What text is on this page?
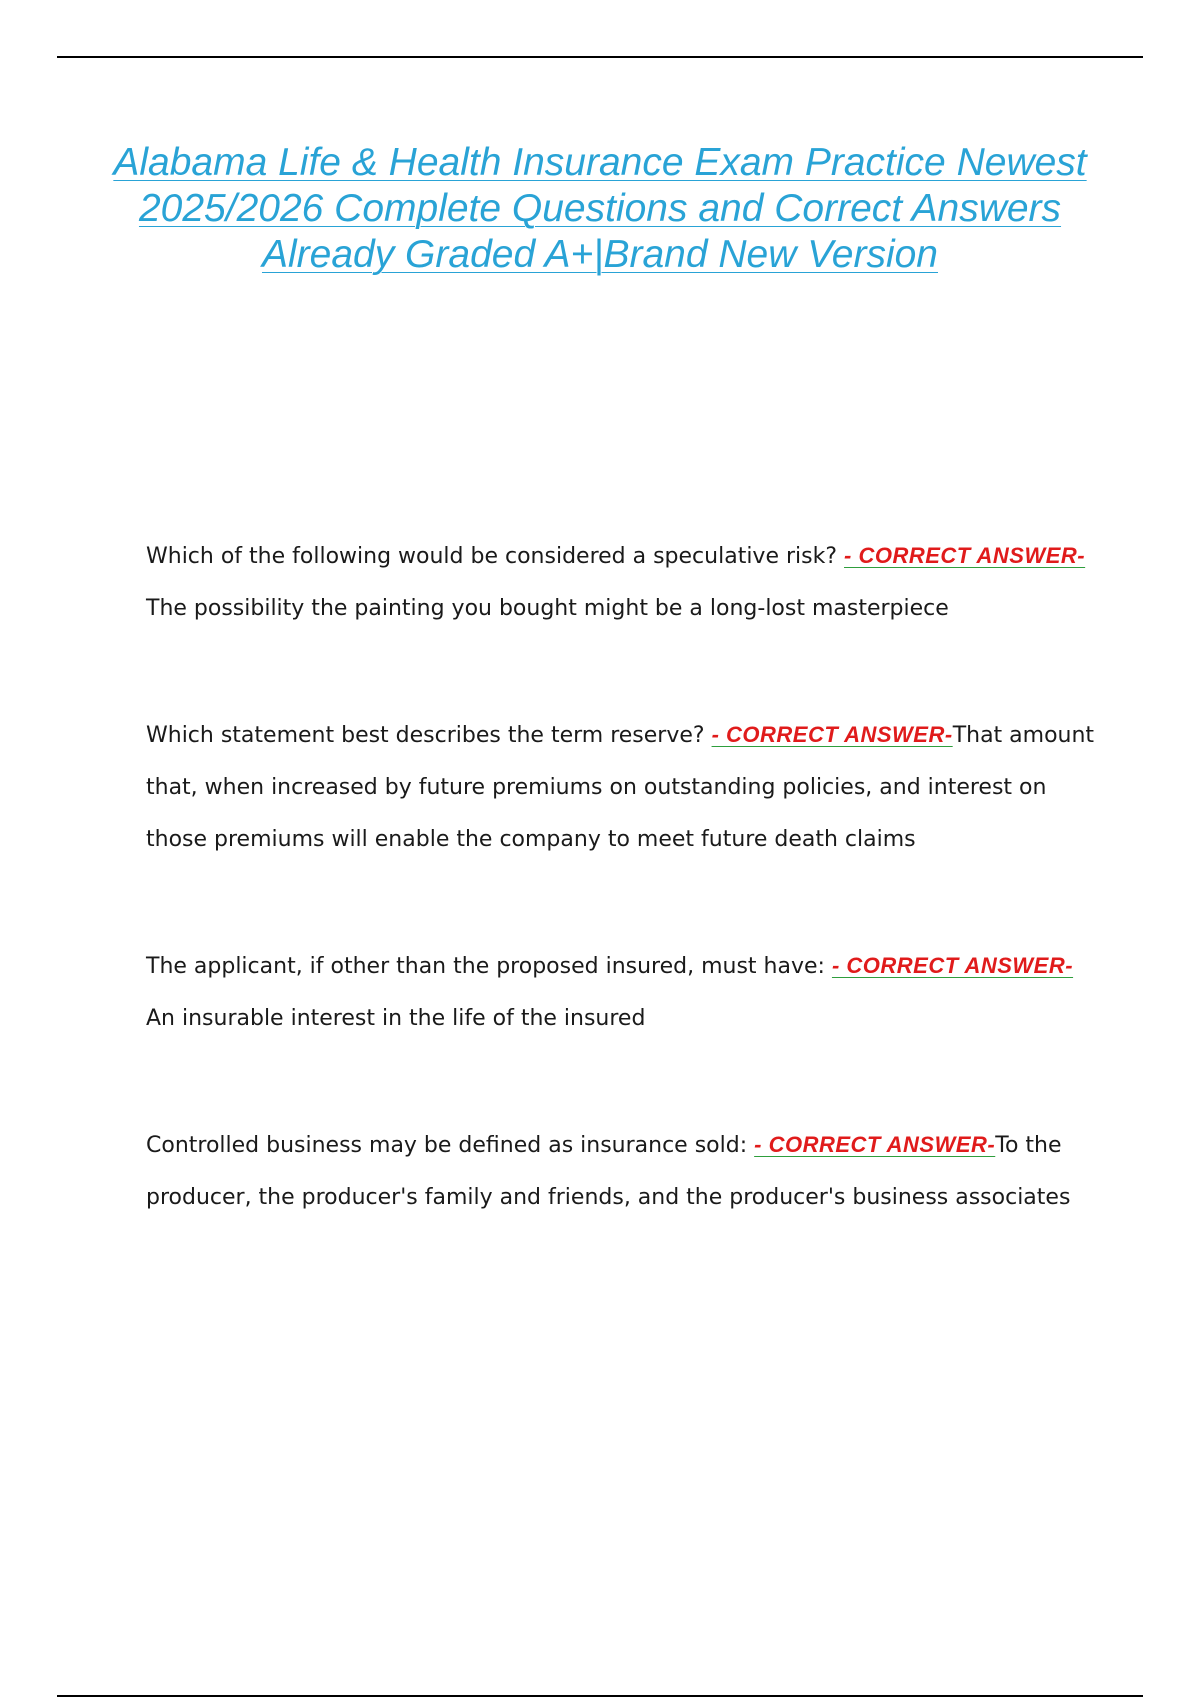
Alabama Life & Health Insurance Exam Practice Newest 2025/2026 Complete Questions and Correct Answers Already Graded A+|Brand New Version
Which of the following would be considered a speculative risk? - CORRECT ANSWER-The possibility the painting you bought might be a long-lost masterpiece
Which statement best describes the term reserve? - CORRECT ANSWER-That amount that, when increased by future premiums on outstanding policies, and interest on those premiums will enable the company to meet future death claims
The applicant, if other than the proposed insured, must have: - CORRECT ANSWER-An insurable interest in the life of the insured
Controlled business may be defined as insurance sold: - CORRECT ANSWER-To the producer, the producer's family and friends, and the producer's business associates
